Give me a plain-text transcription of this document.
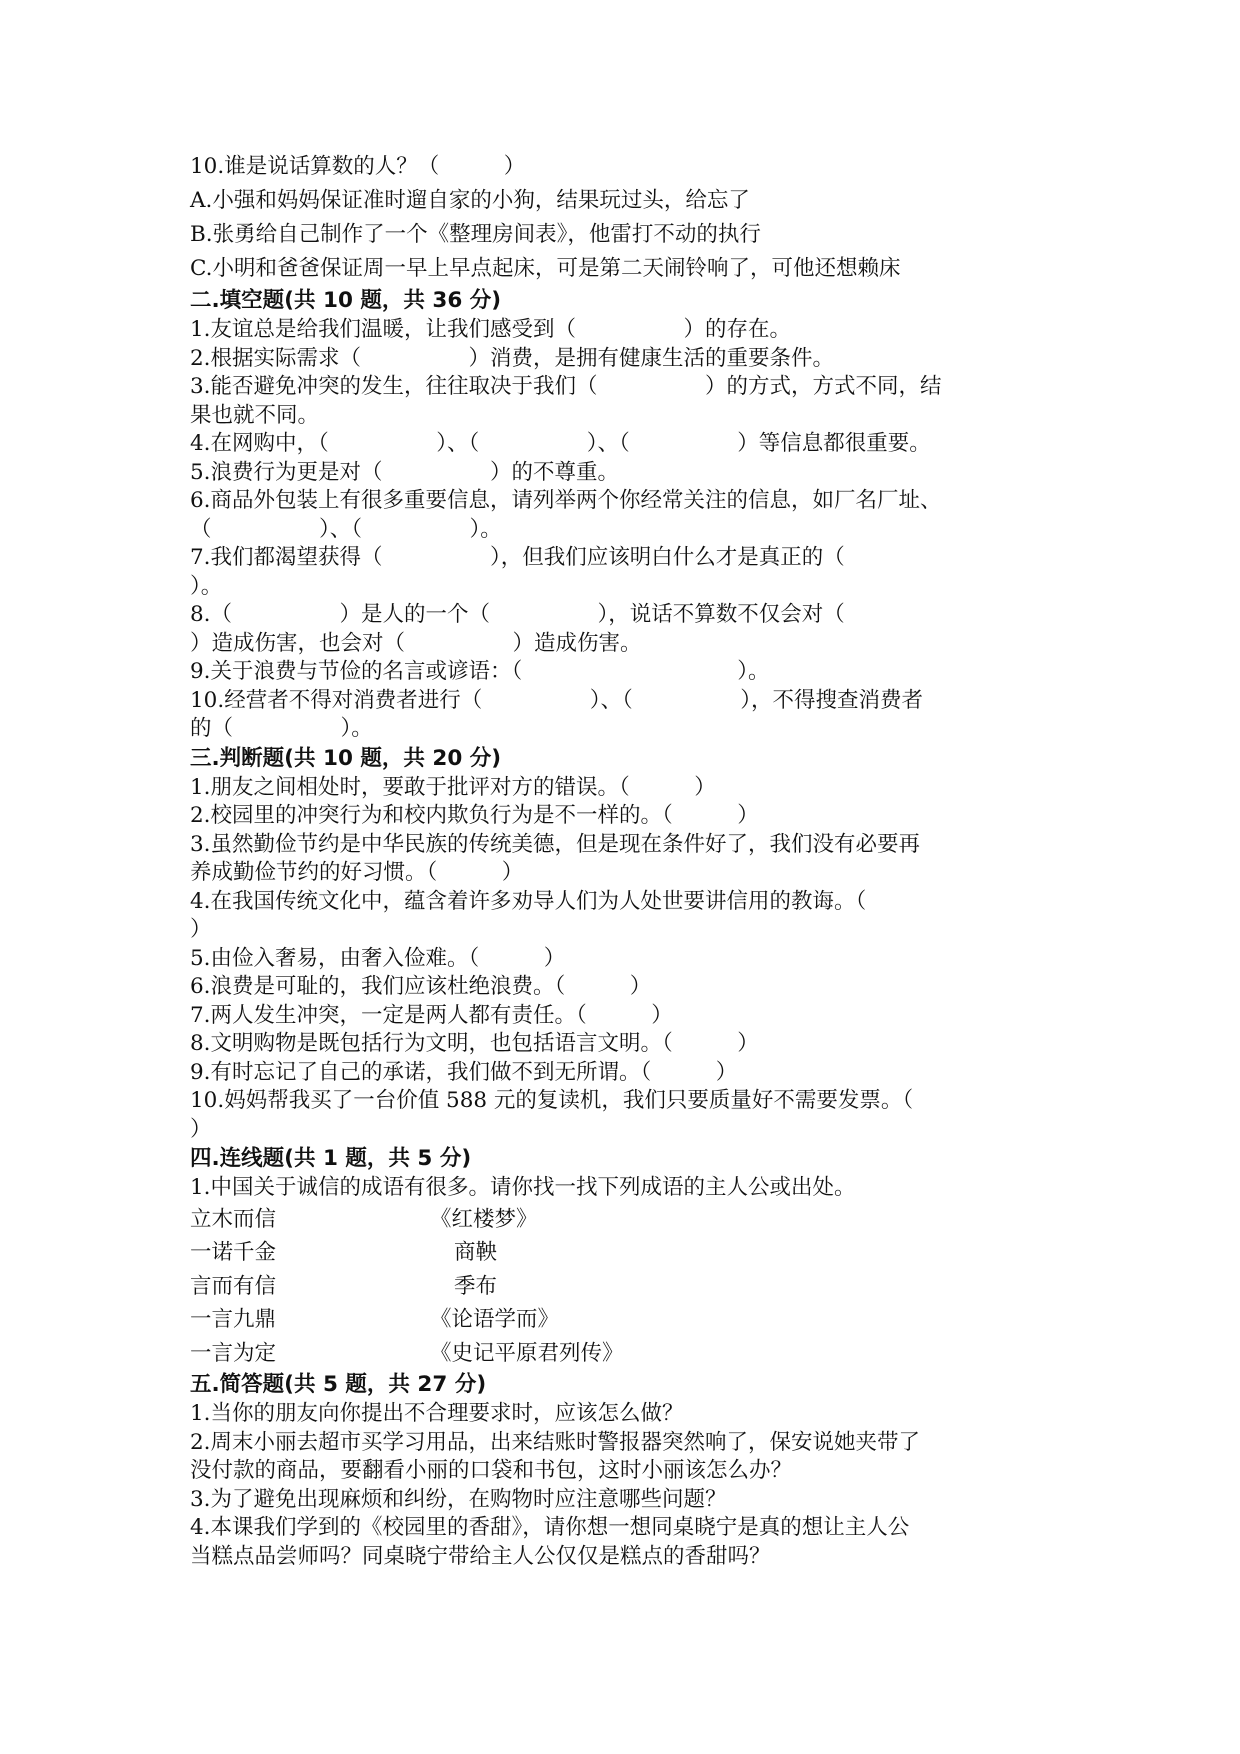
10.谁是说话算数的人？（　　　）
A.小强和妈妈保证准时遛自家的小狗，结果玩过头，给忘了
B.张勇给自己制作了一个《整理房间表》，他雷打不动的执行
C.小明和爸爸保证周一早上早点起床，可是第二天闹铃响了，可他还想赖床
二.填空题(共 10 题，共 36 分)
1.友谊总是给我们温暖，让我们感受到（　　　　　）的存在。
2.根据实际需求（　　　　　）消费，是拥有健康生活的重要条件。
3.能否避免冲突的发生，往往取决于我们（　　　　　）的方式，方式不同，结
果也就不同。
4.在网购中，（　　　　　）、（　　　　　）、（　　　　　）等信息都很重要。
5.浪费行为更是对（　　　　　）的不尊重。
6.商品外包装上有很多重要信息，请列举两个你经常关注的信息，如厂名厂址、
（　　　　　）、（　　　　　）。
7.我们都渴望获得（　　　　　），但我们应该明白什么才是真正的（
）。
8.（　　　　　）是人的一个（　　　　　），说话不算数不仅会对（
）造成伤害，也会对（　　　　　）造成伤害。
9.关于浪费与节俭的名言或谚语：（　　　　　　　　　　）。
10.经营者不得对消费者进行（　　　　　）、（　　　　　），不得搜查消费者
的（　　　　　）。
三.判断题(共 10 题，共 20 分)
1.朋友之间相处时，要敢于批评对方的错误。（　　　）
2.校园里的冲突行为和校内欺负行为是不一样的。（　　　）
3.虽然勤俭节约是中华民族的传统美德，但是现在条件好了，我们没有必要再
养成勤俭节约的好习惯。（　　　）
4.在我国传统文化中，蕴含着许多劝导人们为人处世要讲信用的教诲。（
）
5.由俭入奢易，由奢入俭难。（　　　）
6.浪费是可耻的，我们应该杜绝浪费。（　　　）
7.两人发生冲突，一定是两人都有责任。（　　　）
8.文明购物是既包括行为文明，也包括语言文明。（　　　）
9.有时忘记了自己的承诺，我们做不到无所谓。（　　　）
10.妈妈帮我买了一台价值 588 元的复读机，我们只要质量好不需要发票。（
）
四.连线题(共 1 题，共 5 分)
1.中国关于诚信的成语有很多。请你找一找下列成语的主人公或出处。
立木而信	《红楼梦》
一诺千金	商鞅
言而有信	季布
一言九鼎	《论语学而》
一言为定	《史记平原君列传》
五.简答题(共 5 题，共 27 分)
1.当你的朋友向你提出不合理要求时，应该怎么做？
2.周末小丽去超市买学习用品，出来结账时警报器突然响了，保安说她夹带了
没付款的商品，要翻看小丽的口袋和书包，这时小丽该怎么办？
3.为了避免出现麻烦和纠纷，在购物时应注意哪些问题？
4.本课我们学到的《校园里的香甜》，请你想一想同桌晓宁是真的想让主人公
当糕点品尝师吗？同桌晓宁带给主人公仅仅是糕点的香甜吗？
